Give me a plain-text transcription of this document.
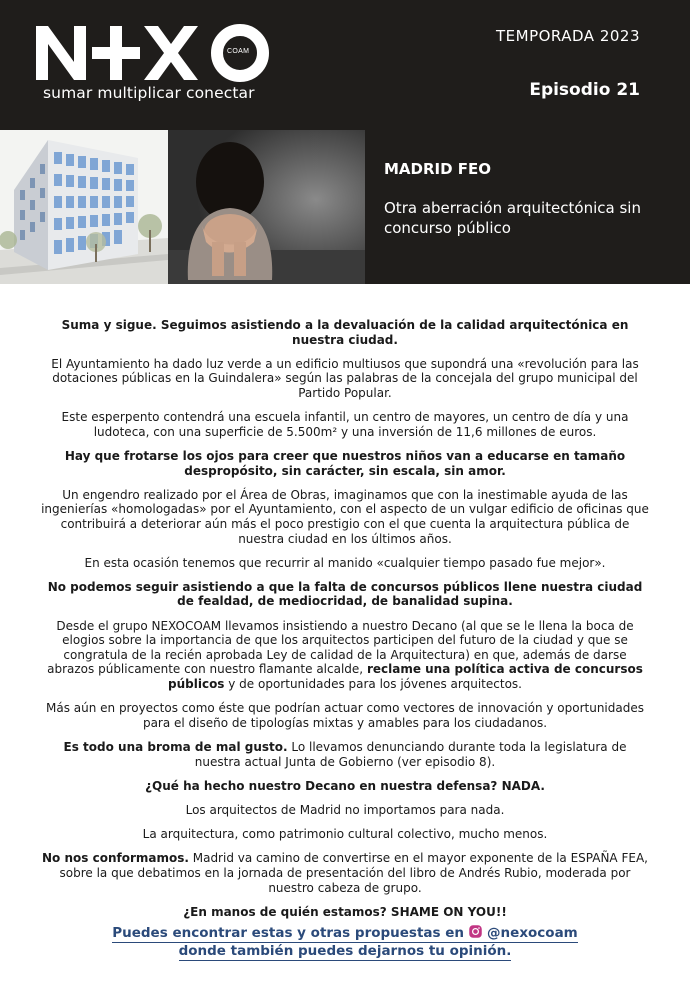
COAM
sumar multiplicar conectar
TEMPORADA 2023
Episodio 21
MADRID FEO
Otra aberración arquitectónica sin concurso público

Suma y sigue. Seguimos asistiendo a la devaluación de la calidad arquitectónica en nuestra ciudad.

El Ayuntamiento ha dado luz verde a un edificio multiusos que supondrá una «revolución para las dotaciones públicas en la Guindalera» según las palabras de la concejala del grupo municipal del Partido Popular.

Este esperpento contendrá una escuela infantil, un centro de mayores, un centro de día y una ludoteca, con una superficie de 5.500m² y una inversión de 11,6 millones de euros.

Hay que frotarse los ojos para creer que nuestros niños van a educarse en tamaño despropósito, sin carácter, sin escala, sin amor.

Un engendro realizado por el Área de Obras, imaginamos que con la inestimable ayuda de las ingenierías «homologadas» por el Ayuntamiento, con el aspecto de un vulgar edificio de oficinas que contribuirá a deteriorar aún más el poco prestigio con el que cuenta la arquitectura pública de nuestra ciudad en los últimos años.

En esta ocasión tenemos que recurrir al manido «cualquier tiempo pasado fue mejor».

No podemos seguir asistiendo a que la falta de concursos públicos llene nuestra ciudad de fealdad, de mediocridad, de banalidad supina.

Desde el grupo NEXOCOAM llevamos insistiendo a nuestro Decano (al que se le llena la boca de elogios sobre la importancia de que los arquitectos participen del futuro de la ciudad y que se congratula de la recién aprobada Ley de calidad de la Arquitectura) en que, además de darse abrazos públicamente con nuestro flamante alcalde, reclame una política activa de concursos públicos y de oportunidades para los jóvenes arquitectos.

Más aún en proyectos como éste que podrían actuar como vectores de innovación y oportunidades para el diseño de tipologías mixtas y amables para los ciudadanos.

Es todo una broma de mal gusto. Lo llevamos denunciando durante toda la legislatura de nuestra actual Junta de Gobierno (ver episodio 8).

¿Qué ha hecho nuestro Decano en nuestra defensa? NADA.

Los arquitectos de Madrid no importamos para nada.

La arquitectura, como patrimonio cultural colectivo, mucho menos.

No nos conformamos. Madrid va camino de convertirse en el mayor exponente de la ESPAÑA FEA, sobre la que debatimos en la jornada de presentación del libro de Andrés Rubio, moderada por nuestro cabeza de grupo.

¿En manos de quién estamos? SHAME ON YOU!!

Puedes encontrar estas y otras propuestas en @nexocoam
donde también puedes dejarnos tu opinión.
